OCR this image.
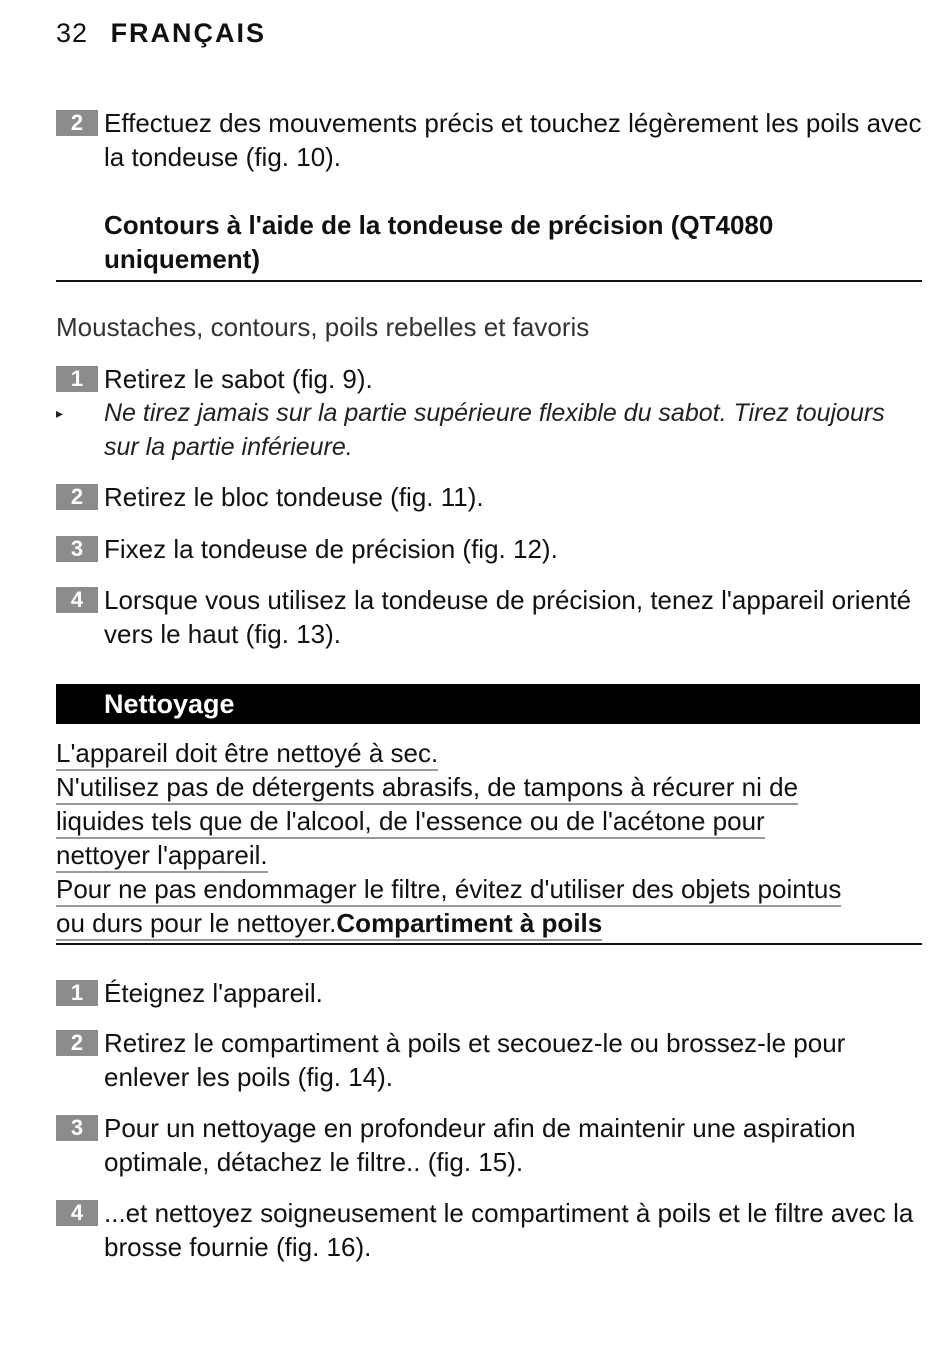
32 FRANÇAIS
2 Effectuez des mouvements précis et touchez légèrement les poils avec la tondeuse (fig. 10).
Contours à l'aide de la tondeuse de précision (QT4080 uniquement)
Moustaches, contours, poils rebelles et favoris
1 Retirez le sabot (fig. 9).
▸ Ne tirez jamais sur la partie supérieure flexible du sabot. Tirez toujours sur la partie inférieure.
2 Retirez le bloc tondeuse (fig. 11).
3 Fixez la tondeuse de précision (fig. 12).
4 Lorsque vous utilisez la tondeuse de précision, tenez l'appareil orienté vers le haut (fig. 13).
Nettoyage
L'appareil doit être nettoyé à sec.
N'utilisez pas de détergents abrasifs, de tampons à récurer ni de
liquides tels que de l'alcool, de l'essence ou de l'acétone pour
nettoyer l'appareil.
Pour ne pas endommager le filtre, évitez d'utiliser des objets pointus
ou durs pour le nettoyer.Compartiment à poils
1 Éteignez l'appareil.
2 Retirez le compartiment à poils et secouez-le ou brossez-le pour enlever les poils (fig. 14).
3 Pour un nettoyage en profondeur afin de maintenir une aspiration optimale, détachez le filtre.. (fig. 15).
4 ...et nettoyez soigneusement le compartiment à poils et le filtre avec la brosse fournie (fig. 16).
